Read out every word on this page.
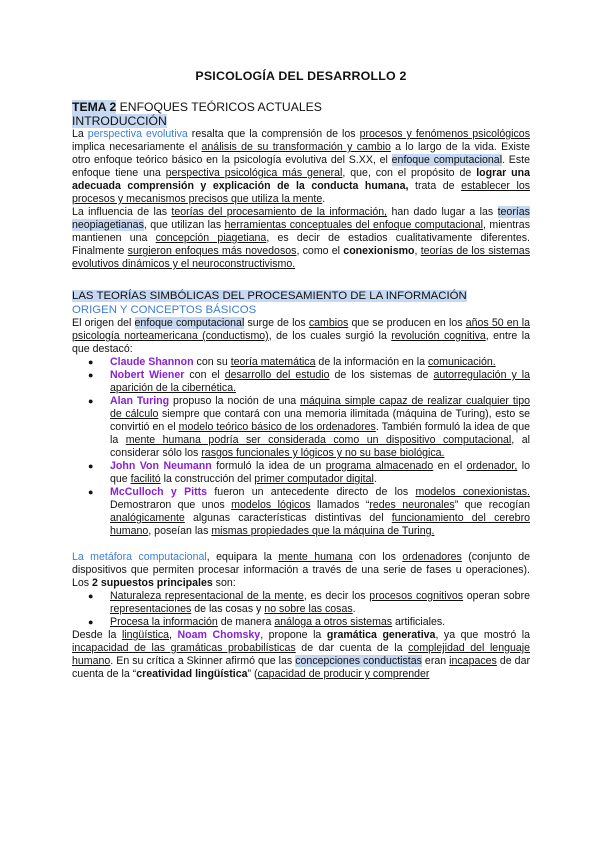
PSICOLOGÍA DEL DESARROLLO 2
TEMA 2 ENFOQUES TEÓRICOS ACTUALES
INTRODUCCIÓN

La perspectiva evolutiva resalta que la comprensión de los procesos y fenómenos psicológicos implica necesariamente el análisis de su transformación y cambio a lo largo de la vida. Existe otro enfoque teórico básico en la psicología evolutiva del S.XX, el enfoque computacional. Este enfoque tiene una perspectiva psicológica más general, que, con el propósito de lograr una adecuada comprensión y explicación de la conducta humana, trata de establecer los procesos y mecanismos precisos que utiliza la mente.

La influencia de las teorías del procesamiento de la información, han dado lugar a las teorías neopiagetianas, que utilizan las herramientas conceptuales del enfoque computacional, mientras mantienen una concepción piagetiana, es decir de estadios cualitativamente diferentes. Finalmente surgieron enfoques más novedosos, como el conexionismo, teorías de los sistemas evolutivos dinámicos y el neuroconstructivismo.

LAS TEORÍAS SIMBÓLICAS DEL PROCESAMIENTO DE LA INFORMACIÓN
ORIGEN Y CONCEPTOS BÁSICOS

El origen del enfoque computacional surge de los cambios que se producen en los años 50 en la psicología norteamericana (conductismo), de los cuales surgió la revolución cognitiva, entre la que destacó:

● Claude Shannon con su teoría matemática de la información en la comunicación.
● Nobert Wiener con el desarrollo del estudio de los sistemas de autorregulación y la aparición de la cibernética.
● Alan Turing propuso la noción de una máquina simple capaz de realizar cualquier tipo de cálculo siempre que contará con una memoria ilimitada (máquina de Turing), esto se convirtió en el modelo teórico básico de los ordenadores. También formuló la idea de que la mente humana podría ser considerada como un dispositivo computacional, al considerar sólo los rasgos funcionales y lógicos y no su base biológica.
● John Von Neumann formuló la idea de un programa almacenado en el ordenador, lo que facilitó la construcción del primer computador digital.
● McCulloch y Pitts fueron un antecedente directo de los modelos conexionistas. Demostraron que unos modelos lógicos llamados “redes neuronales” que recogían analógicamente algunas características distintivas del funcionamiento del cerebro humano, poseían las mismas propiedades que la máquina de Turing.

La metáfora computacional, equipara la mente humana con los ordenadores (conjunto de dispositivos que permiten procesar información a través de una serie de fases u operaciones). Los 2 supuestos principales son:

● Naturaleza representacional de la mente, es decir los procesos cognitivos operan sobre representaciones de las cosas y no sobre las cosas.
● Procesa la información de manera análoga a otros sistemas artificiales.

Desde la lingüística, Noam Chomsky, propone la gramática generativa, ya que mostró la incapacidad de las gramáticas probabilísticas de dar cuenta de la complejidad del lenguaje humano. En su crítica a Skinner afirmó que las concepciones conductistas eran incapaces de dar cuenta de la “creatividad lingüística” (capacidad de producir y comprender
